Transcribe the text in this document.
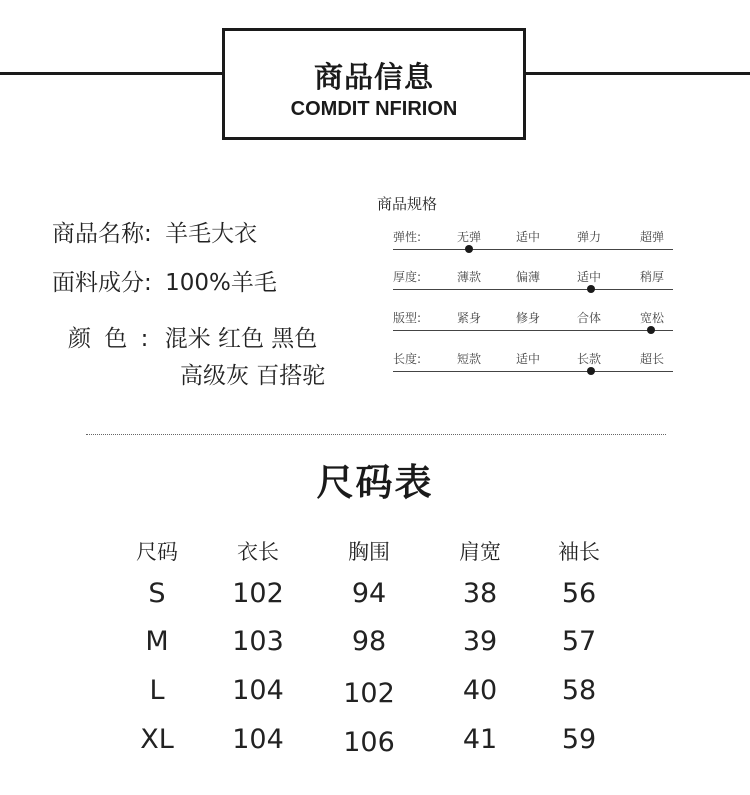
商品信息
COMDIT NFIRION
商品名称: 羊毛大衣
面料成分: 100%羊毛
颜 色 : 混米 红色 黑色
高级灰 百搭驼
商品规格
弹性:	无弹	适中	弹力	超弹
厚度:	薄款	偏薄	适中	稍厚
版型:	紧身	修身	合体	宽松
长度:	短款	适中	长款	超长
尺码表
尺码	衣长	胸围	肩宽	袖长
S 102	94	38 56
M 103	98	39 57
L	104 102	40 58
XL 104 106	41 59
